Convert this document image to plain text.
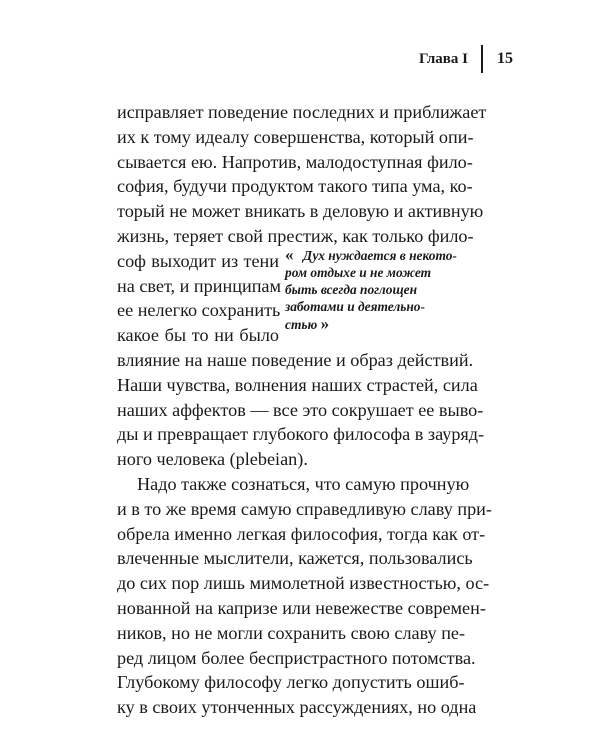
Глава I 15
исправляет поведение последних и приближает
их к тому идеалу совершенства, который опи-
сывается ею. Напротив, малодоступная фило-
софия, будучи продуктом такого типа ума, ко-
торый не может вникать в деловую и активную
жизнь, теряет свой престиж, как только фило-
соф выходит из тени
на свет, и принципам
ее нелегко сохранить
какое бы то ни было
« Дух нуждается в некото-
ром отдыхе и не может
быть всегда поглощен
заботами и деятельно-
стью »
влияние на наше поведение и образ действий.
Наши чувства, волнения наших страстей, сила
наших аффектов — все это сокрушает ее выво-
ды и превращает глубокого философа в зауряд-
ного человека (plebeian).
Надо также сознаться, что самую прочную
и в то же время самую справедливую славу при-
обрела именно легкая философия, тогда как от-
влеченные мыслители, кажется, пользовались
до сих пор лишь мимолетной известностью, ос-
нованной на капризе или невежестве современ-
ников, но не могли сохранить свою славу пе-
ред лицом более беспристрастного потомства.
Глубокому философу легко допустить ошиб-
ку в своих утонченных рассуждениях, но одна
